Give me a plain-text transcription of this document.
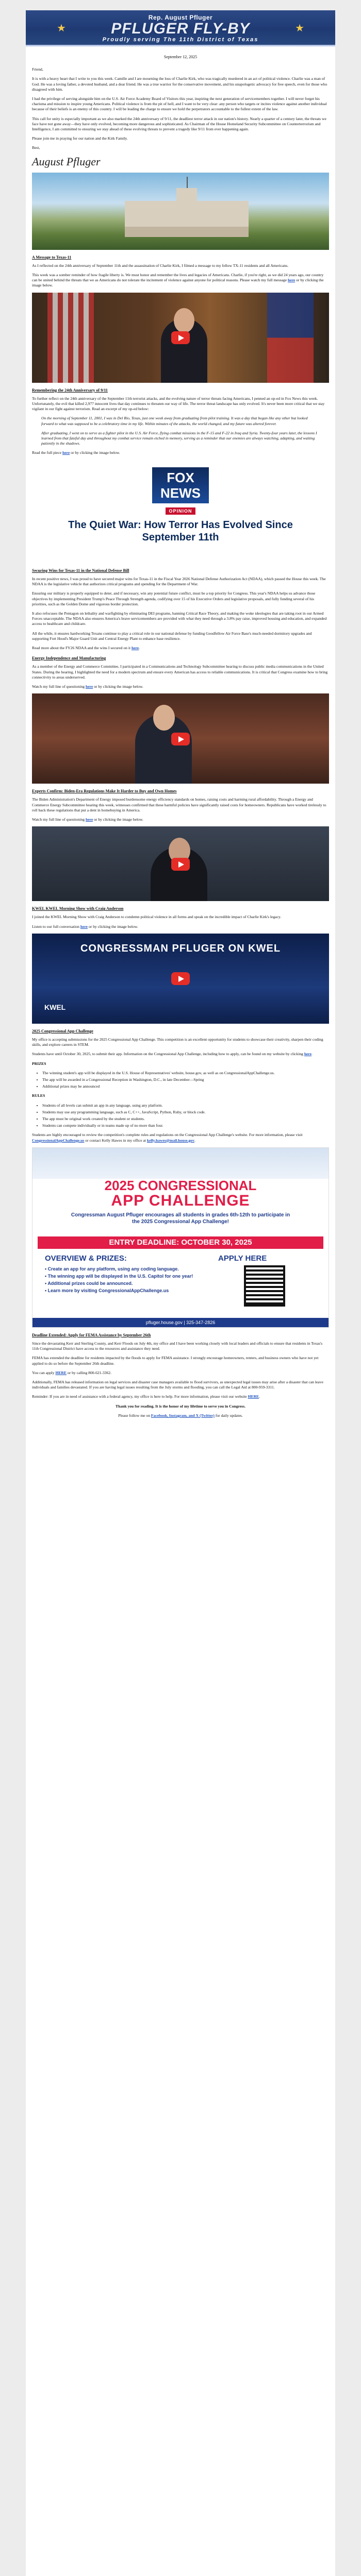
★	★
Rep. August Pfluger
PFLUGER FLY-BY
Proudly serving The 11th District of Texas
September 12, 2025

Friend,

It is with a heavy heart that I write to you this week. Camille and I are mourning the loss of Charlie Kirk, who was tragically murdered in an act of political violence. Charlie was a man of God. He was a loving father, a devoted husband, and a dear friend. He was a true warrior for the conservative movement, and his unapologetic advocacy for free speech, even for those who disagreed with him.

I had the privilege of serving alongside him on the U.S. Air Force Academy Board of Visitors this year, inspiring the next generation of servicemembers together. I will never forget his charisma and mission to inspire young Americans. Political violence is from the pit of hell, and I want to be very clear: any person who targets or incites violence against another individual because of their beliefs is an enemy of this country. I will be leading the charge to ensure we hold the perpetrators accountable to the fullest extent of the law.

This call for unity is especially important as we also marked the 24th anniversary of 9/11, the deadliest terror attack in our nation's history. Nearly a quarter of a century later, the threats we face have not gone away—they have only evolved, becoming more dangerous and sophisticated. As Chairman of the House Homeland Security Subcommittee on Counterterrorism and Intelligence, I am committed to ensuring we stay ahead of these evolving threats to prevent a tragedy like 9/11 from ever happening again.

Please join me in praying for our nation and the Kirk Family.

Best,

August Pfluger
A Message to Texas-11

As I reflected on the 24th anniversary of September 11th and the assassination of Charlie Kirk, I filmed a message to my fellow TX-11 residents and all Americans.

This week was a somber reminder of how fragile liberty is. We must honor and remember the lives and legacies of Americans. Charlie, if you're right, as we did 24 years ago, our country can be united behind the threats that we as Americans do not tolerate the incitement of violence against anyone for political reasons. Please watch my full message here or by clicking the image below.

Remembering the 24th Anniversary of 9/11

To further reflect on the 24th anniversary of the September 11th terrorist attacks, and the evolving nature of terror threats facing Americans, I penned an op-ed in Fox News this week. Unfortunately, the evil that killed 2,977 innocent lives that day continues to threaten our way of life. The terror threat landscape has only evolved. It's never been more critical that we stay vigilant in our fight against terrorism. Read an excerpt of my op-ed below:

On the morning of September 11, 2001, I was in Del Rio, Texas, just one week away from graduating from pilot training. It was a day that began like any other but looked forward to what was supposed to be a celebratory time in my life. Within minutes of the attacks, the world changed, and my future was altered forever.

After graduating, I went on to serve as a fighter pilot in the U.S. Air Force, flying combat missions in the F-15 and F-22 in Iraq and Syria. Twenty-four years later, the lessons I learned from that fateful day and throughout my combat service remain etched in memory, serving as a reminder that our enemies are always watching, adapting, and waiting patiently in the shadows.

Read the full piece here or by clicking the image below.

FOX NEWS
OPINION
The Quiet War: How Terror Has Evolved Since September 11th
Securing Wins for Texas-11 in the National Defense Bill

In recent positive news, I was proud to have secured major wins for Texas-11 in the Fiscal Year 2026 National Defense Authorization Act (NDAA), which passed the House this week. The NDAA is the legislative vehicle that authorizes critical programs and spending for the Department of War.

Ensuring our military is properly equipped to deter, and if necessary, win any potential future conflict, must be a top priority for Congress. This year's NDAA helps us advance those objectives by implementing President Trump's Peace Through Strength agenda, codifying over 15 of his Executive Orders and legislative proposals, and fully funding several of his priorities, such as the Golden Dome and vigorous border protection.

It also refocuses the Pentagon on lethality and warfighting by eliminating DEI programs, banning Critical Race Theory, and making the woke ideologies that are taking root in our Armed Forces unacceptable. The NDAA also ensures America's brave servicemembers are provided with what they need through a 3.8% pay raise, improved housing and education, and expanded access to healthcare and childcare.

All the while, it ensures hardworking Texans continue to play a critical role in our national defense by funding Goodfellow Air Force Base's much-needed dormitory upgrades and supporting Fort Hood's Major Guard Unit and Central Energy Plant to enhance base resilience.

Read more about the FY26 NDAA and the wins I secured on it here.

Energy Independence and Manufacturing

As a member of the Energy and Commerce Committee, I participated in a Communications and Technology Subcommittee hearing to discuss public media communications in the United States. During the hearing, I highlighted the need for a modern spectrum and ensure every American has access to reliable communications. It is critical that Congress examine how to bring connectivity to areas underserved.

Watch my full line of questioning here or by clicking the image below.

Experts Confirm: Biden-Era Regulations Make It Harder to Buy and Own Homes

The Biden Administration's Department of Energy imposed burdensome energy efficiency standards on homes, raising costs and harming rural affordability. Through a Energy and Commerce Energy Subcommittee hearing this week, witnesses confirmed that these harmful policies have significantly raised costs for homeowners. Republicans have worked tirelessly to roll back these regulations that put a dent in homebuying in America.

Watch my full line of questioning here or by clicking the image below.

KWEL KWEL Morning Show with Craig Anderson

I joined the KWEL Morning Show with Craig Anderson to condemn political violence in all forms and speak on the incredible impact of Charlie Kirk's legacy.

Listen to our full conversation here or by clicking the image below.

CONGRESSMAN PFLUGER ON KWEL
KWEL
2025 Congressional App Challenge

My office is accepting submissions for the 2025 Congressional App Challenge. This competition is an excellent opportunity for students to showcase their creativity, sharpen their coding skills, and explore careers in STEM.

Students have until October 30, 2025, to submit their app. Information on the Congressional App Challenge, including how to apply, can be found on my website by clicking here.

PRIZES

• The winning student's app will be displayed in the U.S. House of Representatives' website, house.gov, as well as on CongressionalAppChallenge.us.
• The app will be awarded in a Congressional Reception in Washington, D.C., in late December—Spring
• Additional prizes may be announced

RULES

• Students of all levels can submit an app in any language, using any platform.
• Students may use any programming language, such as C, C++, JavaScript, Python, Ruby, or block code.
• The app must be original work created by the student or students.
• Students can compete individually or in teams made up of no more than four.

Students are highly encouraged to review the competition's complete rules and regulations on the Congressional App Challenge's website. For more information, please visit CongressionalAppChallenge.us or contact Kelly Hawes in my office at kelly.hawes@mail.house.gov.

2025 CONGRESSIONAL
APP CHALLENGE
Congressman August Pfluger encourages all students in grades 6th-12th to participate in the 2025 Congressional App Challenge!
ENTRY DEADLINE: OCTOBER 30, 2025
OVERVIEW & PRIZES:	APPLY HERE
• Create an app for any platform, using any coding language.
• The winning app will be displayed in the U.S. Capitol for one year!
• Additional prizes could be announced.
• Learn more by visiting CongressionalAppChallenge.us
pfluger.house.gov | 325-347-2826
Deadline Extended: Apply for FEMA Assistance by September 26th

Since the devastating Kerr and Sterling County, and Kerr Floods on July 4th, my office and I have been working closely with local leaders and officials to ensure that residents in Texas's 11th Congressional District have access to the resources and assistance they need.

FEMA has extended the deadline for residents impacted by the floods to apply for FEMA assistance. I strongly encourage homeowners, renters, and business owners who have not yet applied to do so before the September 26th deadline.

You can apply HERE or by calling 800-621-3362.

Additionally, FEMA has released information on legal services and disaster case managers available to flood survivors, as unexpected legal issues may arise after a disaster that can leave individuals and families devastated. If you are having legal issues resulting from the July storms and flooding, you can call the Legal Aid at 800-959-3311.

Reminder: If you are in need of assistance with a federal agency, my office is here to help. For more information, please visit our website HERE.

Thank you for reading. It is the honor of my lifetime to serve you in Congress.

Please follow me on Facebook, Instagram, and X (Twitter) for daily updates.
